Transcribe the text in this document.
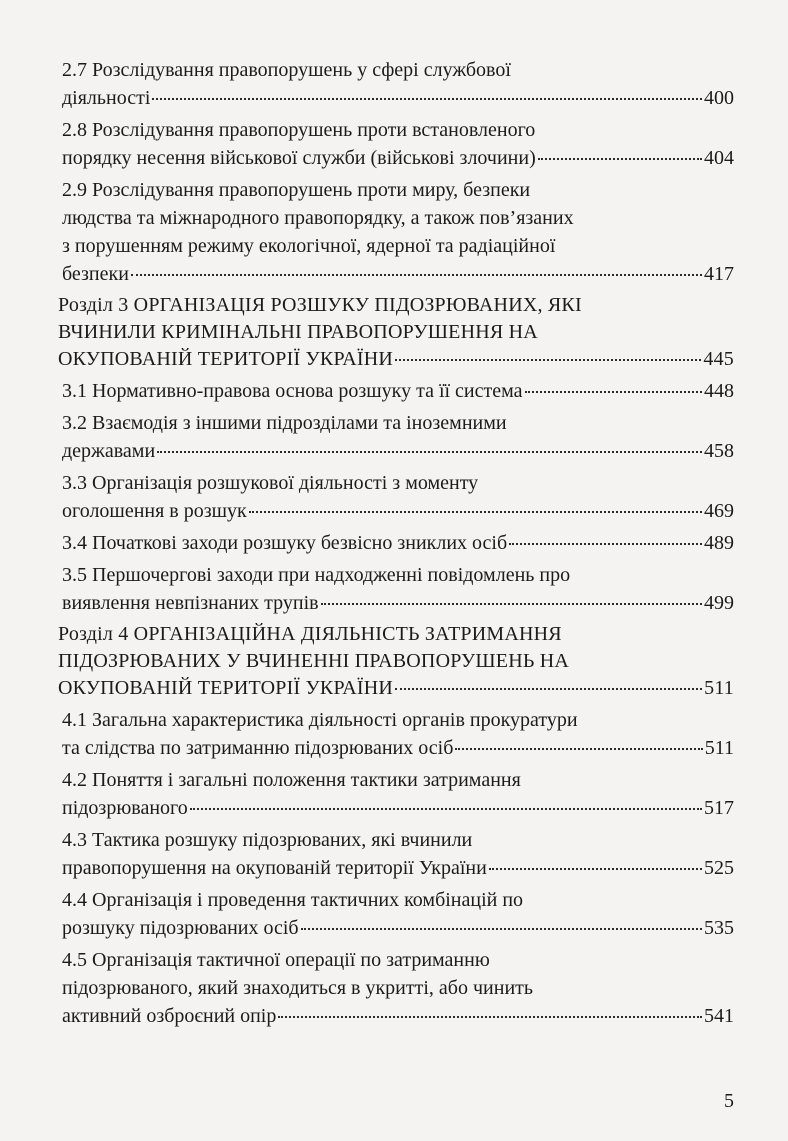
2.7 Розслідування правопорушень у сфері службової
діяльності	400
2.8 Розслідування правопорушень проти встановленого
порядку несення військової служби (військові злочини)	404
2.9 Розслідування правопорушень проти миру, безпеки
людства та міжнародного правопорядку, а також пов’язаних
з порушенням режиму екологічної, ядерної та радіаційної
безпеки	417
Розділ 3 ОРГАНІЗАЦІЯ РОЗШУКУ ПІДОЗРЮВАНИХ, ЯКІ
ВЧИНИЛИ КРИМІНАЛЬНІ ПРАВОПОРУШЕННЯ НА
ОКУПОВАНІЙ ТЕРИТОРІЇ УКРАЇНИ	445
3.1 Нормативно-правова основа розшуку та її система	448
3.2 Взаємодія з іншими підрозділами та іноземними
державами	458
3.3 Організація розшукової діяльності з моменту
оголошення в розшук	469
3.4 Початкові заходи розшуку безвісно зниклих осіб	489
3.5 Першочергові заходи при надходженні повідомлень про
виявлення невпізнаних трупів	499
Розділ 4 ОРГАНІЗАЦІЙНА ДІЯЛЬНІСТЬ ЗАТРИМАННЯ
ПІДОЗРЮВАНИХ У ВЧИНЕННІ ПРАВОПОРУШЕНЬ НА
ОКУПОВАНІЙ ТЕРИТОРІЇ УКРАЇНИ	511
4.1 Загальна характеристика діяльності органів прокуратури
та слідства по затриманню підозрюваних осіб	511
4.2 Поняття і загальні положення тактики затримання
підозрюваного	517
4.3 Тактика розшуку підозрюваних, які вчинили
правопорушення на окупованій території України	525
4.4 Організація і проведення тактичних комбінацій по
розшуку підозрюваних осіб	535
4.5 Організація тактичної операції по затриманню
підозрюваного, який знаходиться в укритті, або чинить
активний озброєний опір	541
5
